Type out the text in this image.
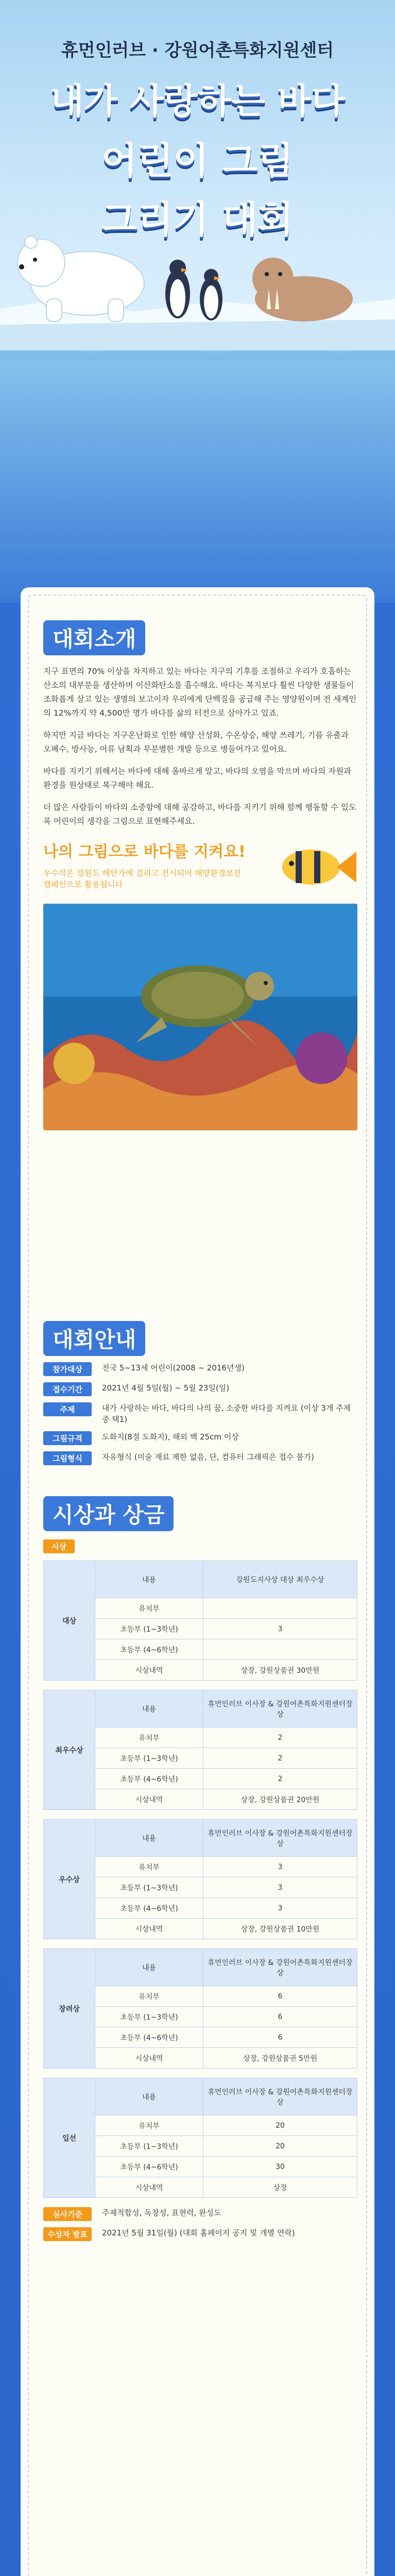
휴먼인러브 · 강원어촌특화지원센터
내가 사랑하는 바다
어린이 그림
그리기 대회
대회소개

지구 표면의 70% 이상을 차지하고 있는 바다는 지구의 기후를 조절하고 우리가 호흡하는 산소의 대부분을 생산하며 이산화탄소를 흡수해요. 바다는 복지보다 훨씬 다양한 생물들이 조화롭게 살고 있는 생명의 보고이자 우리에게 단백질을 공급해 주는 영양원이며 전 세계인의 12%까지 약 4,500만 명가 바다를 삶의 터전으로 삼아가고 있죠.

하지만 지금 바다는 지구온난화로 인한 해양 산성화, 수온상승, 해양 쓰레기, 기름 유출과 오폐수, 방사능, 어류 남획과 무분별한 개발 등으로 병들어가고 있어요.

바다를 지키기 위해서는 바다에 대해 올바르게 알고, 바다의 오염을 막으며 바다의 자원과 환경을 원상태로 복구해야 해요.

더 많은 사람들이 바다의 소중함에 대해 공감하고, 바다를 지키기 위해 함께 행동할 수 있도록 어린이의 생각을 그림으로 표현해주세요.

나의 그림으로 바다를 지켜요!
우수작은 강원도 해안가에 걸리고 전시되어 해양환경보전 캠페인으로 활용됩니다
대회안내
참가대상	전국 5~13세 어린이(2008 ~ 2016년생)
접수기간	2021년 4월 5일(월) ~ 5월 23일(일)
주제	내가 사랑하는 바다, 바다의 나의 꿈, 소중한 바다를 지켜요 (이상 3개 주제 중 택1)
그림규격	도화지(8절 도화지), 해외 백 25cm 이상
그림형식	자유형식 (미술 재료 제한 없음, 단, 컴퓨터 그래픽은 접수 불가)
시상과 상금
시상
대상	내용	강원도지사상 대상 최우수상
	유치부	
	초등부 (1~3학년)	3
	초등부 (4~6학년)	
	시상내역	상장, 강원상품권 30만원
최우수상	내용	휴먼인러브 이사장 & 강원어촌특화지원센터장 상
	유치부	2
	초등부 (1~3학년)	2
	초등부 (4~6학년)	2
	시상내역	상장, 강원상품권 20만원
우수상	내용	휴먼인러브 이사장 & 강원어촌특화지원센터장 상
	유치부	3
	초등부 (1~3학년)	3
	초등부 (4~6학년)	3
	시상내역	상장, 강원상품권 10만원
장려상	내용	휴먼인러브 이사장 & 강원어촌특화지원센터장 상
	유치부	6
	초등부 (1~3학년)	6
	초등부 (4~6학년)	6
	시상내역	상장, 강원상품권 5만원
입선	내용	휴먼인러브 이사장 & 강원어촌특화지원센터장 상
	유치부	20
	초등부 (1~3학년)	20
	초등부 (4~6학년)	30
	시상내역	상장
심사기준	주제적합성, 독창성, 표현력, 완성도
수상자 발표	2021년 5월 31일(월) (대회 홈페이지 공지 및 개별 연락)
